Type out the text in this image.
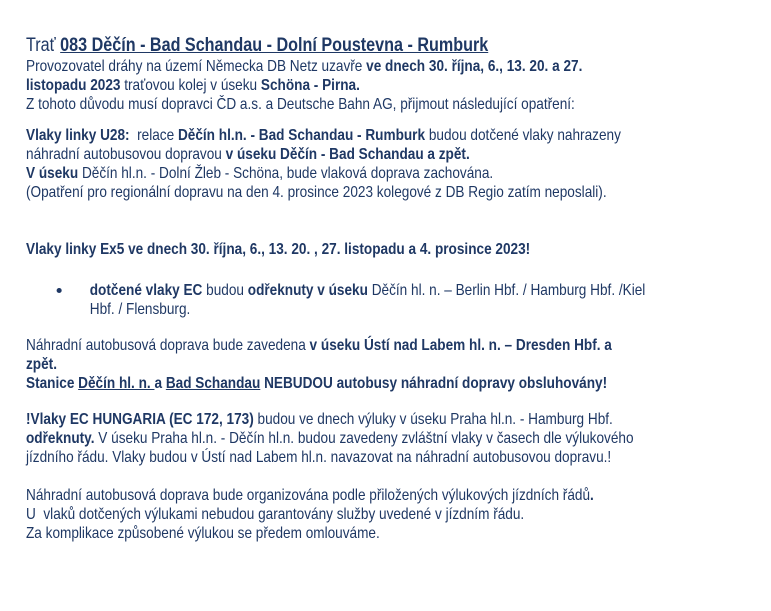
Trať 083 Děčín - Bad Schandau - Dolní Poustevna - Rumburk
Provozovatel dráhy na území Německa DB Netz uzavře ve dnech 30. října, 6., 13. 20. a 27.
listopadu 2023 traťovou kolej v úseku Schöna - Pirna.
Z tohoto důvodu musí dopravci ČD a.s. a Deutsche Bahn AG, přijmout následující opatření:
Vlaky linky U28:  relace Děčín hl.n. - Bad Schandau - Rumburk budou dotčené vlaky nahrazeny
náhradní autobusovou dopravou v úseku Děčín - Bad Schandau a zpět.
V úseku Děčín hl.n. - Dolní Žleb - Schöna, bude vlaková doprava zachována.
(Opatření pro regionální dopravu na den 4. prosince 2023 kolegové z DB Regio zatím neposlali).
Vlaky linky Ex5 ve dnech 30. října, 6., 13. 20. , 27. listopadu a 4. prosince 2023!
dotčené vlaky EC budou odřeknuty v úseku Děčín hl. n. – Berlin Hbf. / Hamburg Hbf. /Kiel
Hbf. / Flensburg.
Náhradní autobusová doprava bude zavedena v úseku Ústí nad Labem hl. n. – Dresden Hbf. a
zpět.
Stanice Děčín hl. n. a Bad Schandau NEBUDOU autobusy náhradní dopravy obsluhovány!
!Vlaky EC HUNGARIA (EC 172, 173) budou ve dnech výluky v úseku Praha hl.n. - Hamburg Hbf.
odřeknuty. V úseku Praha hl.n. - Děčín hl.n. budou zavedeny zvláštní vlaky v časech dle výlukového
jízdního řádu. Vlaky budou v Ústí nad Labem hl.n. navazovat na náhradní autobusovou dopravu.!
Náhradní autobusová doprava bude organizována podle přiložených výlukových jízdních řádů.
U  vlaků dotčených výlukami nebudou garantovány služby uvedené v jízdním řádu.
Za komplikace způsobené výlukou se předem omlouváme.
